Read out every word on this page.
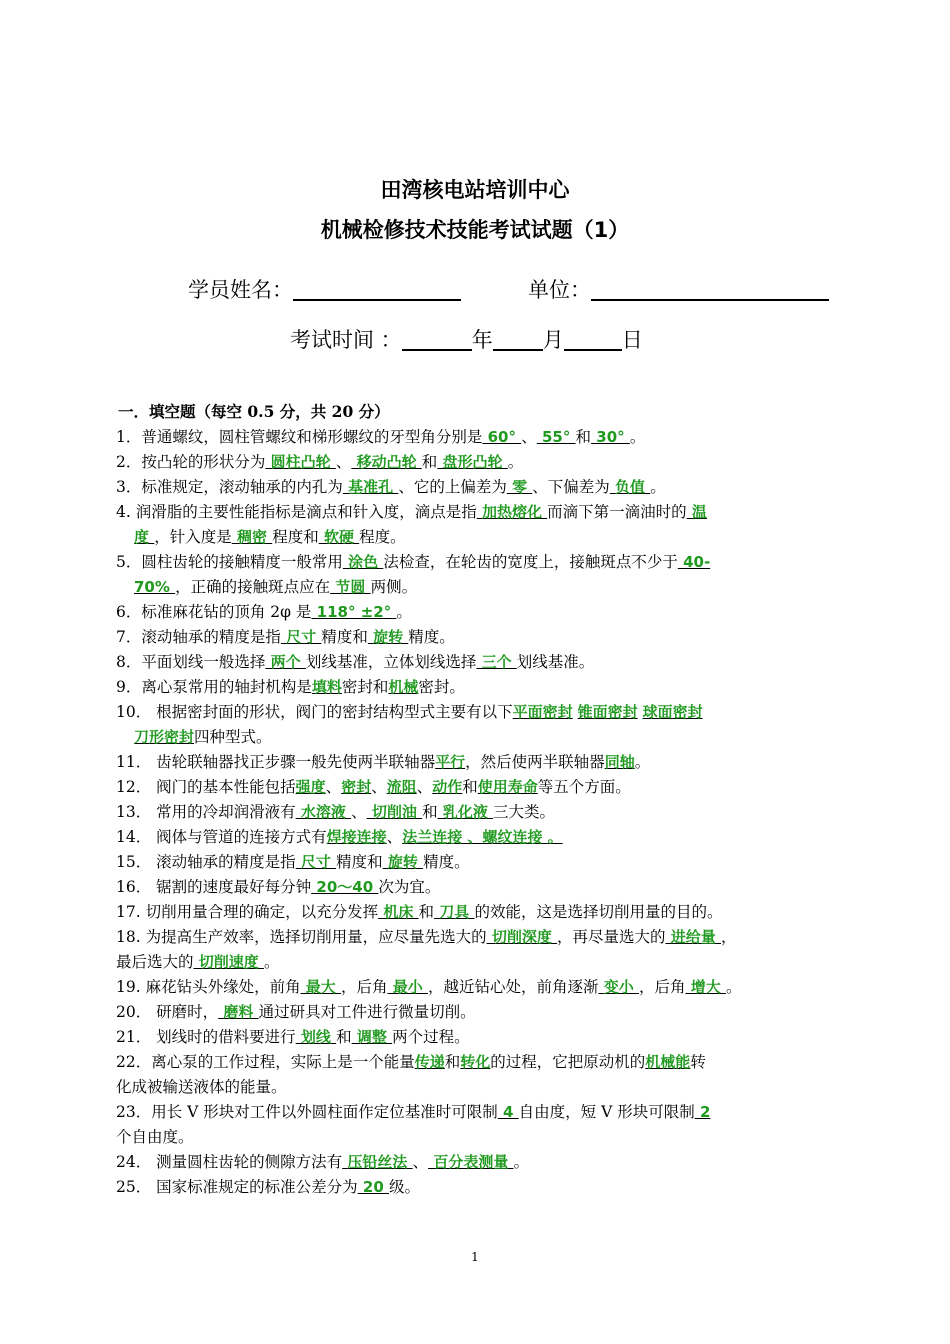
田湾核电站培训中心
机械检修技术技能考试试题（1）
学员姓名：	单位：
考试时间 ：	年 月	日
一．填空题（每空 0.5 分，共 20 分）
1．普通螺纹，圆柱管螺纹和梯形螺纹的牙型角分别是 60° 、 55° 和 30° 。
2．按凸轮的形状分为 圆柱凸轮 、 移动凸轮 和 盘形凸轮 。
3．标准规定，滚动轴承的内孔为 基准孔 、它的上偏差为 零 、下偏差为 负值 。
4. 润滑脂的主要性能指标是滴点和针入度，滴点是指 加热熔化 而滴下第一滴油时的 温
度 ，针入度是 稠密 程度和 软硬 程度。
5．圆柱齿轮的接触精度一般常用 涂色 法检查，在轮齿的宽度上，接触斑点不少于 40-
70% ，正确的接触斑点应在 节圆 两侧。
6．标准麻花钻的顶角 2φ 是 118° ±2° 。
7．滚动轴承的精度是指 尺寸 精度和 旋转 精度。
8．平面划线一般选择 两个 划线基准，立体划线选择 三个 划线基准。
9．离心泵常用的轴封机构是填料密封和机械密封。
10． 根据密封面的形状，阀门的密封结构型式主要有以下平面密封 锥面密封 球面密封
刀形密封四种型式。
11． 齿轮联轴器找正步骤一般先使两半联轴器平行，然后使两半联轴器同轴。
12． 阀门的基本性能包括强度、密封、流阻、动作和使用寿命等五个方面。
13． 常用的冷却润滑液有 水溶液 、 切削油 和 乳化液 三大类。
14． 阀体与管道的连接方式有焊接连接、法兰连接 、螺纹连接 。
15． 滚动轴承的精度是指 尺寸 精度和 旋转 精度。
16． 锯割的速度最好每分钟 20～40 次为宜。
17. 切削用量合理的确定，以充分发挥 机床 和 刀具 的效能，这是选择切削用量的目的。
18. 为提高生产效率，选择切削用量，应尽量先选大的 切削深度 ，再尽量选大的 进给量 ，
最后选大的 切削速度 。
19. 麻花钻头外缘处，前角 最大 ，后角 最小 ，越近钻心处，前角逐渐 变小 ，后角 增大 。
20． 研磨时， 磨料 通过研具对工件进行微量切削。
21． 划线时的借料要进行 划线 和 调整 两个过程。
22．离心泵的工作过程，实际上是一个能量传递和转化的过程，它把原动机的机械能转
化成被输送液体的能量。
23．用长 V 形块对工件以外圆柱面作定位基准时可限制 4 自由度，短 V 形块可限制 2
个自由度。
24． 测量圆柱齿轮的侧隙方法有 压铅丝法 、 百分表测量 。
25． 国家标准规定的标准公差分为 20 级。
1
